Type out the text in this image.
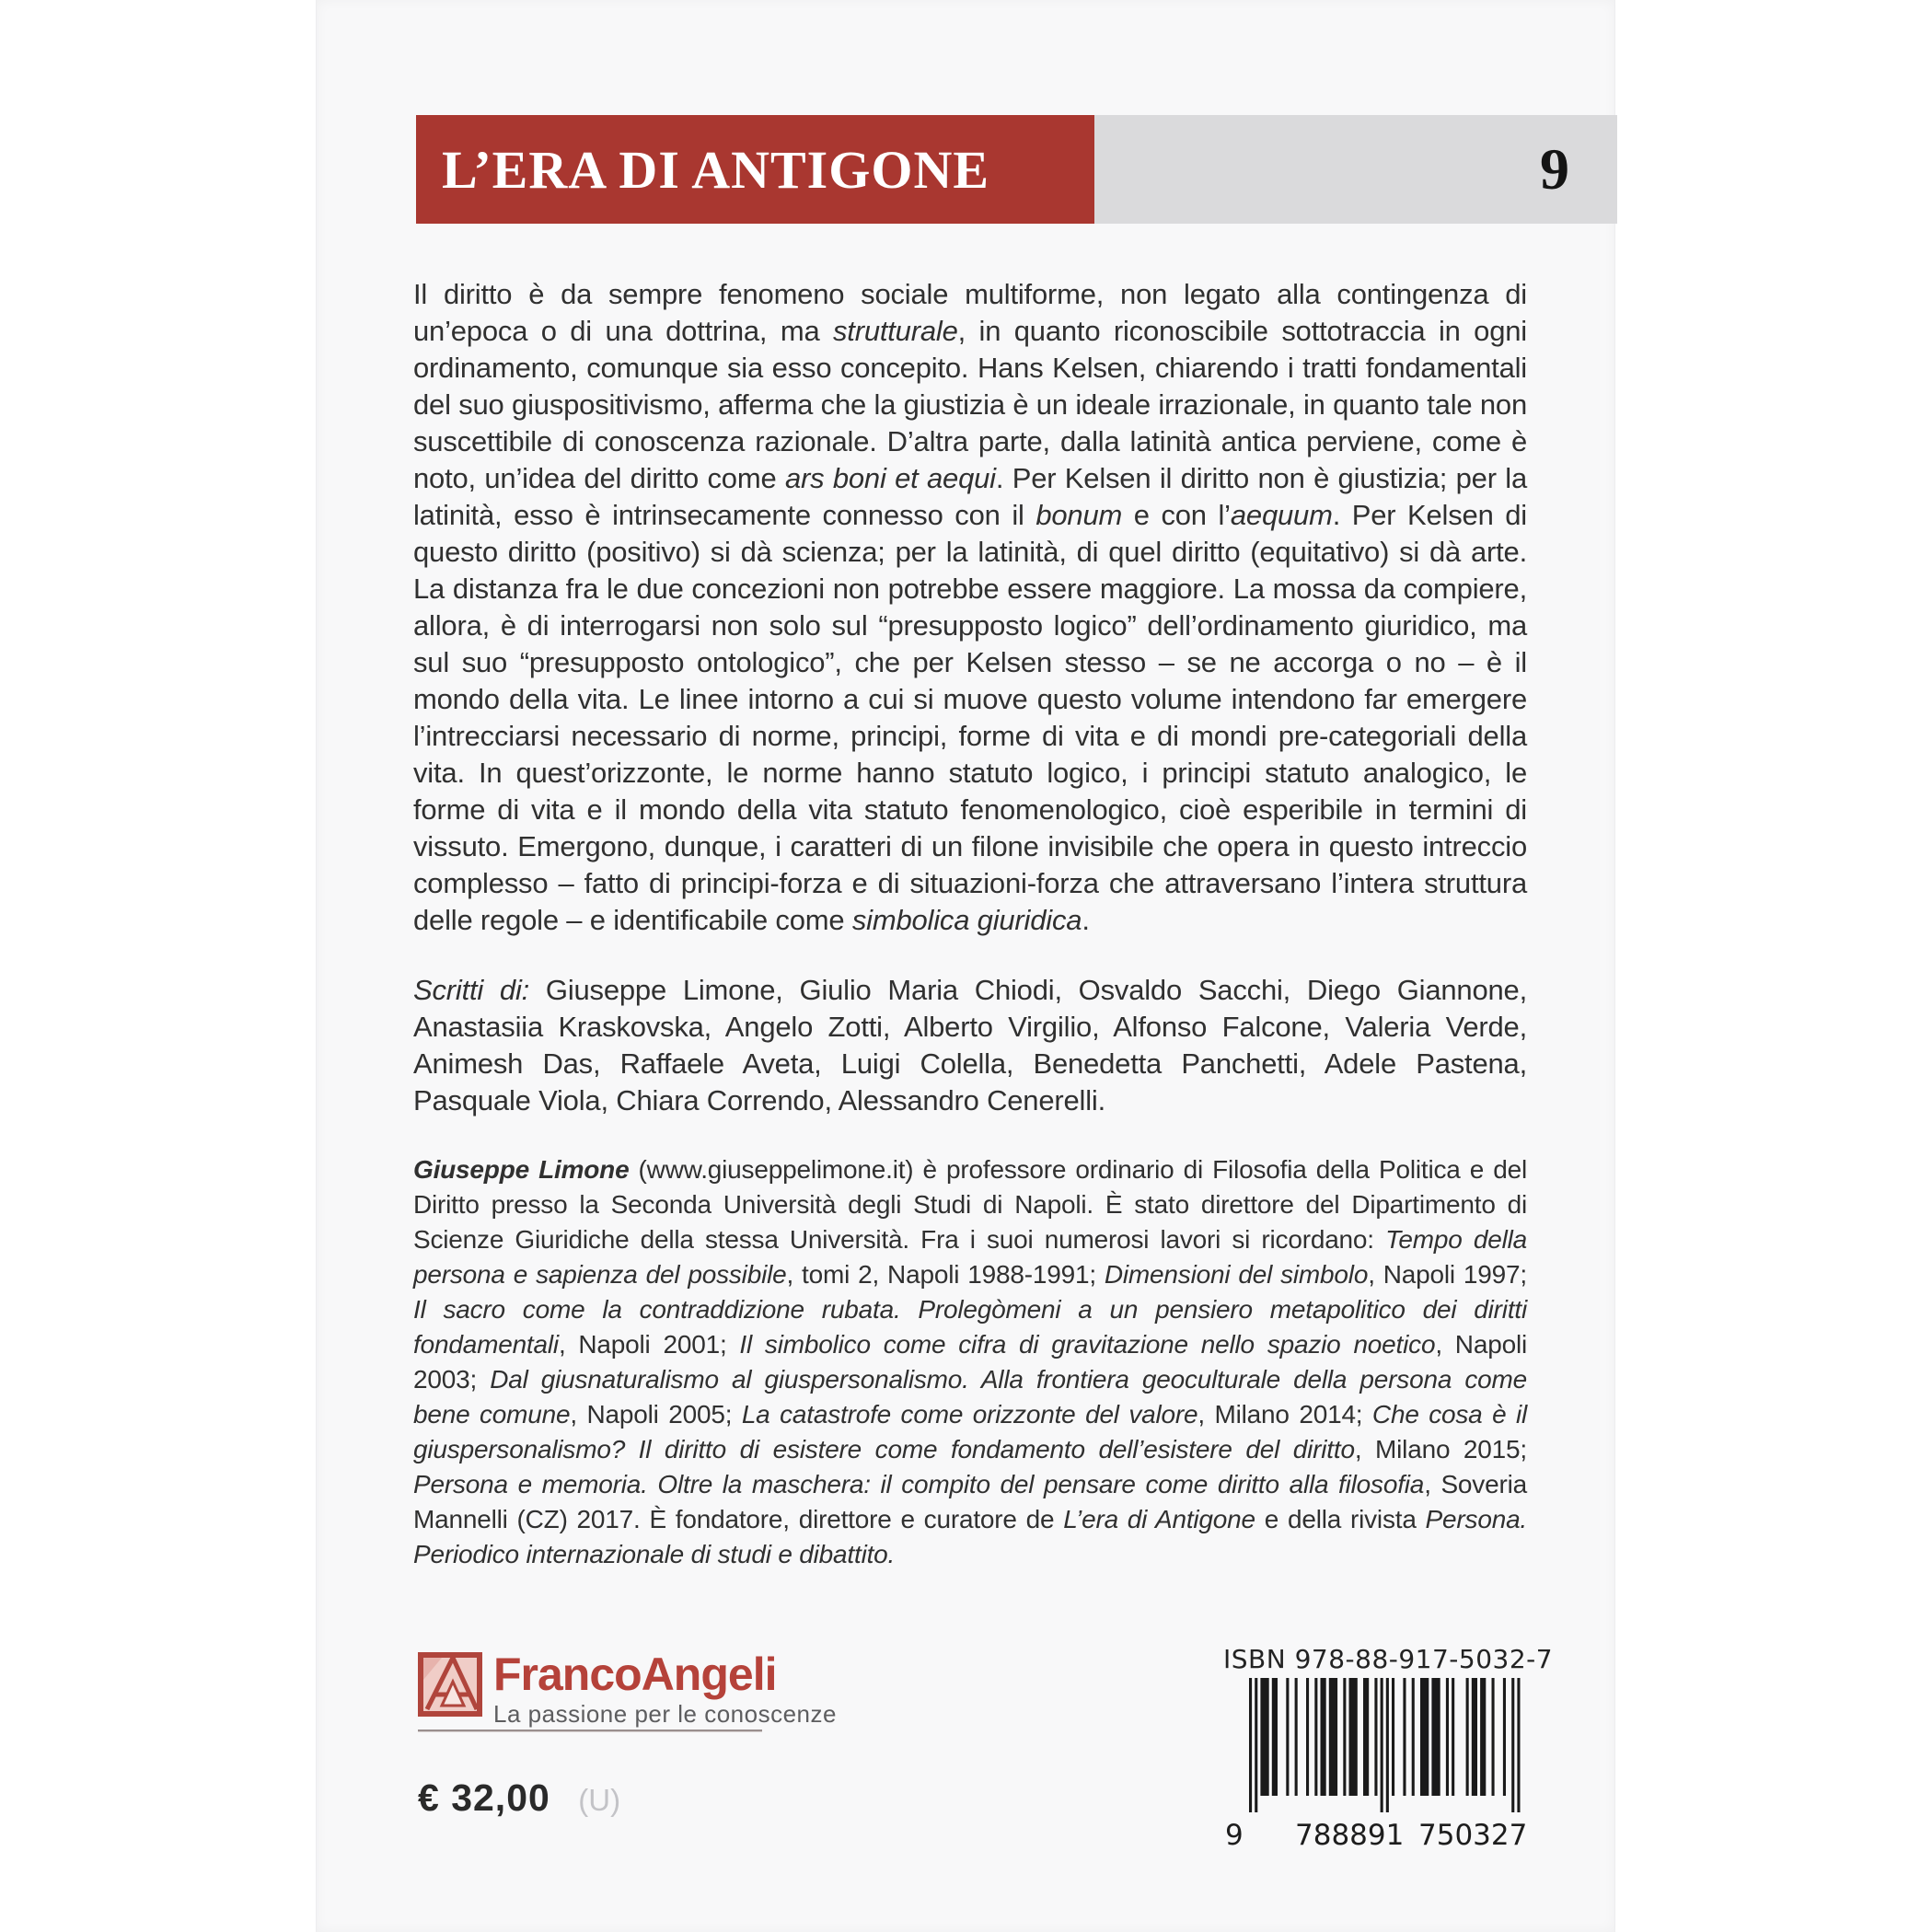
L’ERA DI ANTIGONE	9

Il diritto è da sempre fenomeno sociale multiforme, non legato alla contingenza di un’epoca o di una dottrina, ma strutturale, in quanto riconoscibile sottotraccia in ogni ordinamento, comunque sia esso concepito. Hans Kelsen, chiarendo i tratti fondamentali del suo giuspositivismo, afferma che la giustizia è un ideale irrazionale, in quanto tale non suscettibile di conoscenza razionale. D’altra parte, dalla latinità antica perviene, come è noto, un’idea del diritto come ars boni et aequi. Per Kelsen il diritto non è giustizia; per la latinità, esso è intrinsecamente connesso con il bonum e con l’aequum. Per Kelsen di questo diritto (positivo) si dà scienza; per la latinità, di quel diritto (equitativo) si dà arte. La distanza fra le due concezioni non potrebbe essere maggiore. La mossa da compiere, allora, è di interrogarsi non solo sul “presupposto logico” dell’ordinamento giuridico, ma sul suo “presupposto ontologico”, che per Kelsen stesso – se ne accorga o no – è il mondo della vita. Le linee intorno a cui si muove questo volume intendono far emergere l’intrecciarsi necessario di norme, principi, forme di vita e di mondi pre-categoriali della vita. In quest’orizzonte, le norme hanno statuto logico, i principi statuto analogico, le forme di vita e il mondo della vita statuto fenomenologico, cioè esperibile in termini di vissuto. Emergono, dunque, i caratteri di un filone invisibile che opera in questo intreccio complesso – fatto di principi-forza e di situazioni-forza che attraversano l’intera struttura delle regole – e identificabile come simbolica giuridica.

Scritti di: Giuseppe Limone, Giulio Maria Chiodi, Osvaldo Sacchi, Diego Giannone, Anastasiia Kraskovska, Angelo Zotti, Alberto Virgilio, Alfonso Falcone, Valeria Verde, Animesh Das, Raffaele Aveta, Luigi Colella, Benedetta Panchetti, Adele Pastena, Pasquale Viola, Chiara Correndo, Alessandro Cenerelli.

Giuseppe Limone (www.giuseppelimone.it) è professore ordinario di Filosofia della Politica e del Diritto presso la Seconda Università degli Studi di Napoli. È stato direttore del Dipartimento di Scienze Giuridiche della stessa Università. Fra i suoi numerosi lavori si ricordano: Tempo della persona e sapienza del possibile, tomi 2, Napoli 1988-1991; Dimensioni del simbolo, Napoli 1997; Il sacro come la contraddizione rubata. Prolegòmeni a un pensiero metapolitico dei diritti fondamentali, Napoli 2001; Il simbolico come cifra di gravitazione nello spazio noetico, Napoli 2003; Dal giusnaturalismo al giuspersonalismo. Alla frontiera geoculturale della persona come bene comune, Napoli 2005; La catastrofe come orizzonte del valore, Milano 2014; Che cosa è il giuspersonalismo? Il diritto di esistere come fondamento dell’esistere del diritto, Milano 2015; Persona e memoria. Oltre la maschera: il compito del pensare come diritto alla filosofia, Soveria Mannelli (CZ) 2017. È fondatore, direttore e curatore de L’era di Antigone e della rivista Persona. Periodico internazionale di studi e dibattito.

FrancoAngeli
La passione per le conoscenze
€ 32,00 (U)
ISBN 978-88-917-5032-7
9 788891 750327
